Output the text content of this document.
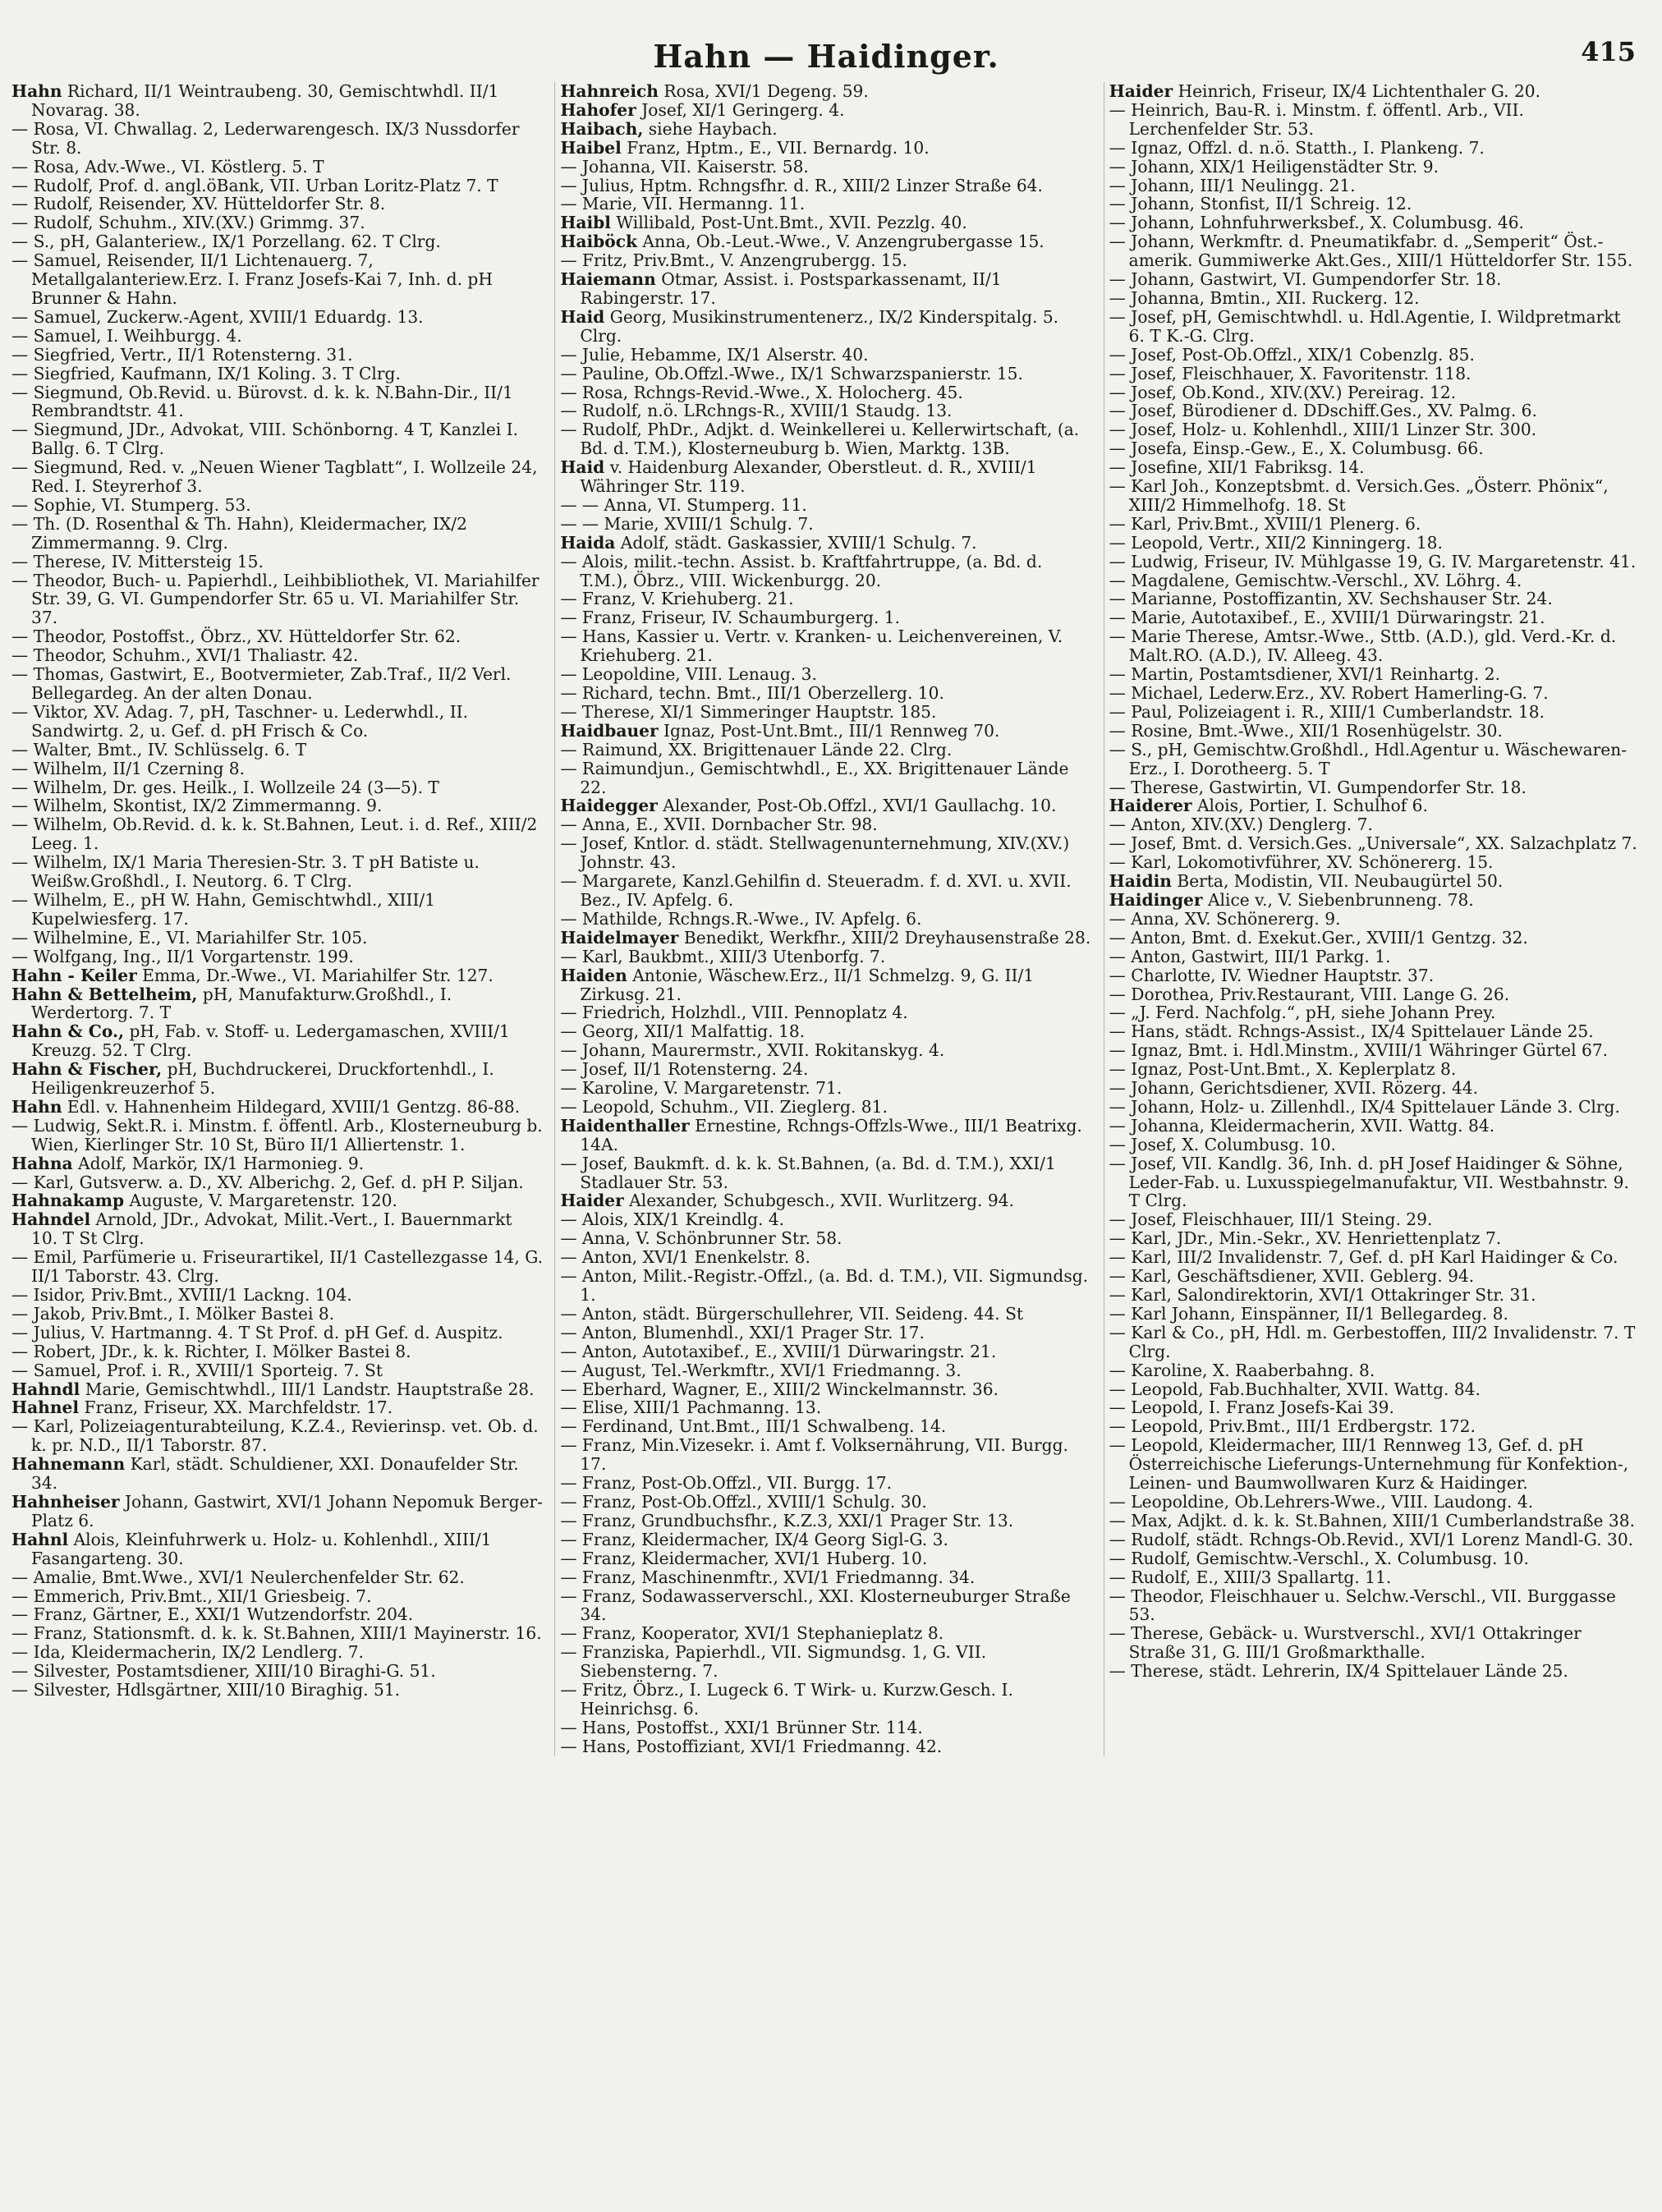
Hahn — Haidinger.	415

Hahn Richard, II/1 Weintraubeng. 30, Gemischtwhdl. II/1 Novarag. 38.

— Rosa, VI. Chwallag. 2, Lederwarengesch. IX/3 Nussdorfer Str. 8.

— Rosa, Adv.-Wwe., VI. Köstlerg. 5. T

— Rudolf, Prof. d. angl.öBank, VII. Urban Loritz-Platz 7. T

— Rudolf, Reisender, XV. Hütteldorfer Str. 8.

— Rudolf, Schuhm., XIV.(XV.) Grimmg. 37.

— S., pH, Galanteriew., IX/1 Porzellang. 62. T Clrg.

— Samuel, Reisender, II/1 Lichtenauerg. 7, Metallgalanteriew.Erz. I. Franz Josefs-Kai 7, Inh. d. pH Brunner & Hahn.

— Samuel, Zuckerw.-Agent, XVIII/1 Eduardg. 13.

— Samuel, I. Weihburgg. 4.

— Siegfried, Vertr., II/1 Rotensterng. 31.

— Siegfried, Kaufmann, IX/1 Koling. 3. T Clrg.

— Siegmund, Ob.Revid. u. Bürovst. d. k. k. N.Bahn-Dir., II/1 Rembrandtstr. 41.

— Siegmund, JDr., Advokat, VIII. Schönborng. 4 T, Kanzlei I. Ballg. 6. T Clrg.

— Siegmund, Red. v. „Neuen Wiener Tagblatt“, I. Wollzeile 24, Red. I. Steyrerhof 3.

— Sophie, VI. Stumperg. 53.

— Th. (D. Rosenthal & Th. Hahn), Kleidermacher, IX/2 Zimmermanng. 9. Clrg.

— Therese, IV. Mittersteig 15.

— Theodor, Buch- u. Papierhdl., Leihbibliothek, VI. Mariahilfer Str. 39, G. VI. Gumpendorfer Str. 65 u. VI. Mariahilfer Str. 37.

— Theodor, Postoffst., Öbrz., XV. Hütteldorfer Str. 62.

— Theodor, Schuhm., XVI/1 Thaliastr. 42.

— Thomas, Gastwirt, E., Bootvermieter, Zab.Traf., II/2 Verl. Bellegardeg. An der alten Donau.

— Viktor, XV. Adag. 7, pH, Taschner- u. Lederwhdl., II. Sandwirtg. 2, u. Gef. d. pH Frisch & Co.

— Walter, Bmt., IV. Schlüsselg. 6. T

— Wilhelm, II/1 Czerning 8.

— Wilhelm, Dr. ges. Heilk., I. Wollzeile 24 (3—5). T

— Wilhelm, Skontist, IX/2 Zimmermanng. 9.

— Wilhelm, Ob.Revid. d. k. k. St.Bahnen, Leut. i. d. Ref., XIII/2 Leeg. 1.

— Wilhelm, IX/1 Maria Theresien-Str. 3. T pH Batiste u. Weißw.Großhdl., I. Neutorg. 6. T Clrg.

— Wilhelm, E., pH W. Hahn, Gemischtwhdl., XIII/1 Kupelwiesferg. 17.

— Wilhelmine, E., VI. Mariahilfer Str. 105.

— Wolfgang, Ing., II/1 Vorgartenstr. 199.

Hahn - Keiler Emma, Dr.-Wwe., VI. Mariahilfer Str. 127.

Hahn & Bettelheim, pH, Manufakturw.Großhdl., I. Werdertorg. 7. T

Hahn & Co., pH, Fab. v. Stoff- u. Ledergamaschen, XVIII/1 Kreuzg. 52. T Clrg.

Hahn & Fischer, pH, Buchdruckerei, Druckfortenhdl., I. Heiligenkreuzerhof 5.

Hahn Edl. v. Hahnenheim Hildegard, XVIII/1 Gentzg. 86-88.

— Ludwig, Sekt.R. i. Minstm. f. öffentl. Arb., Klosterneuburg b. Wien, Kierlinger Str. 10 St, Büro II/1 Alliertenstr. 1.

Hahna Adolf, Markör, IX/1 Harmonieg. 9.

— Karl, Gutsverw. a. D., XV. Alberichg. 2, Gef. d. pH P. Siljan.

Hahnakamp Auguste, V. Margaretenstr. 120.

Hahndel Arnold, JDr., Advokat, Milit.-Vert., I. Bauernmarkt 10. T St Clrg.

— Emil, Parfümerie u. Friseurartikel, II/1 Castellezgasse 14, G. II/1 Taborstr. 43. Clrg.

— Isidor, Priv.Bmt., XVIII/1 Lackng. 104.

— Jakob, Priv.Bmt., I. Mölker Bastei 8.

— Julius, V. Hartmanng. 4. T St Prof. d. pH Gef. d. Auspitz.

— Robert, JDr., k. k. Richter, I. Mölker Bastei 8.

— Samuel, Prof. i. R., XVIII/1 Sporteig. 7. St

Hahndl Marie, Gemischtwhdl., III/1 Landstr. Hauptstraße 28.

Hahnel Franz, Friseur, XX. Marchfeldstr. 17.

— Karl, Polizeiagenturabteilung, K.Z.4., Revierinsp. vet. Ob. d. k. pr. N.D., II/1 Taborstr. 87.

Hahnemann Karl, städt. Schuldiener, XXI. Donaufelder Str. 34.

Hahnheiser Johann, Gastwirt, XVI/1 Johann Nepomuk Berger-Platz 6.

Hahnl Alois, Kleinfuhrwerk u. Holz- u. Kohlenhdl., XIII/1 Fasangarteng. 30.

— Amalie, Bmt.Wwe., XVI/1 Neulerchenfelder Str. 62.

— Emmerich, Priv.Bmt., XII/1 Griesbeig. 7.

— Franz, Gärtner, E., XXI/1 Wutzendorfstr. 204.

— Franz, Stationsmft. d. k. k. St.Bahnen, XIII/1 Mayinerstr. 16.

— Ida, Kleidermacherin, IX/2 Lendlerg. 7.

— Silvester, Postamtsdiener, XIII/10 Biraghi-G. 51.

— Silvester, Hdlsgärtner, XIII/10 Biraghig. 51.

Hahnreich Rosa, XVI/1 Degeng. 59.

Hahofer Josef, XI/1 Geringerg. 4.

Haibach, siehe Haybach.

Haibel Franz, Hptm., E., VII. Bernardg. 10.

— Johanna, VII. Kaiserstr. 58.

— Julius, Hptm. Rchngsfhr. d. R., XIII/2 Linzer Straße 64.

— Marie, VII. Hermanng. 11.

Haibl Willibald, Post-Unt.Bmt., XVII. Pezzlg. 40.

Haiböck Anna, Ob.-Leut.-Wwe., V. Anzengrubergasse 15.

— Fritz, Priv.Bmt., V. Anzengrubergg. 15.

Haiemann Otmar, Assist. i. Postsparkassenamt, II/1 Rabingerstr. 17.

Haid Georg, Musikinstrumentenerz., IX/2 Kinderspitalg. 5. Clrg.

— Julie, Hebamme, IX/1 Alserstr. 40.

— Pauline, Ob.Offzl.-Wwe., IX/1 Schwarzspanierstr. 15.

— Rosa, Rchngs-Revid.-Wwe., X. Holocherg. 45.

— Rudolf, n.ö. LRchngs-R., XVIII/1 Staudg. 13.

— Rudolf, PhDr., Adjkt. d. Weinkellerei u. Kellerwirtschaft, (a. Bd. d. T.M.), Klosterneuburg b. Wien, Marktg. 13B.

Haid v. Haidenburg Alexander, Oberstleut. d. R., XVIII/1 Währinger Str. 119.

— — Anna, VI. Stumperg. 11.

— — Marie, XVIII/1 Schulg. 7.

Haida Adolf, städt. Gaskassier, XVIII/1 Schulg. 7.

— Alois, milit.-techn. Assist. b. Kraftfahrtruppe, (a. Bd. d. T.M.), Öbrz., VIII. Wickenburgg. 20.

— Franz, V. Kriehuberg. 21.

— Franz, Friseur, IV. Schaumburgerg. 1.

— Hans, Kassier u. Vertr. v. Kranken- u. Leichenvereinen, V. Kriehuberg. 21.

— Leopoldine, VIII. Lenaug. 3.

— Richard, techn. Bmt., III/1 Oberzellerg. 10.

— Therese, XI/1 Simmeringer Hauptstr. 185.

Haidbauer Ignaz, Post-Unt.Bmt., III/1 Rennweg 70.

— Raimund, XX. Brigittenauer Lände 22. Clrg.

— Raimundjun., Gemischtwhdl., E., XX. Brigittenauer Lände 22.

Haidegger Alexander, Post-Ob.Offzl., XVI/1 Gaullachg. 10.

— Anna, E., XVII. Dornbacher Str. 98.

— Josef, Kntlor. d. städt. Stellwagenunternehmung, XIV.(XV.) Johnstr. 43.

— Margarete, Kanzl.Gehilfin d. Steueradm. f. d. XVI. u. XVII. Bez., IV. Apfelg. 6.

— Mathilde, Rchngs.R.-Wwe., IV. Apfelg. 6.

Haidelmayer Benedikt, Werkfhr., XIII/2 Dreyhausenstraße 28.

— Karl, Baukbmt., XIII/3 Utenborfg. 7.

Haiden Antonie, Wäschew.Erz., II/1 Schmelzg. 9, G. II/1 Zirkusg. 21.

— Friedrich, Holzhdl., VIII. Pennoplatz 4.

— Georg, XII/1 Malfattig. 18.

— Johann, Maurermstr., XVII. Rokitanskyg. 4.

— Josef, II/1 Rotensterng. 24.

— Karoline, V. Margaretenstr. 71.

— Leopold, Schuhm., VII. Zieglerg. 81.

Haidenthaller Ernestine, Rchngs-Offzls-Wwe., III/1 Beatrixg. 14A.

— Josef, Baukmft. d. k. k. St.Bahnen, (a. Bd. d. T.M.), XXI/1 Stadlauer Str. 53.

Haider Alexander, Schubgesch., XVII. Wurlitzerg. 94.

— Alois, XIX/1 Kreindlg. 4.

— Anna, V. Schönbrunner Str. 58.

— Anton, XVI/1 Enenkelstr. 8.

— Anton, Milit.-Registr.-Offzl., (a. Bd. d. T.M.), VII. Sigmundsg. 1.

— Anton, städt. Bürgerschullehrer, VII. Seideng. 44. St

— Anton, Blumenhdl., XXI/1 Prager Str. 17.

— Anton, Autotaxibef., E., XVIII/1 Dürwaringstr. 21.

— August, Tel.-Werkmftr., XVI/1 Friedmanng. 3.

— Eberhard, Wagner, E., XIII/2 Winckelmannstr. 36.

— Elise, XIII/1 Pachmanng. 13.

— Ferdinand, Unt.Bmt., III/1 Schwalbeng. 14.

— Franz, Min.Vizesekr. i. Amt f. Volksernährung, VII. Burgg. 17.

— Franz, Post-Ob.Offzl., VII. Burgg. 17.

— Franz, Post-Ob.Offzl., XVIII/1 Schulg. 30.

— Franz, Grundbuchsfhr., K.Z.3, XXI/1 Prager Str. 13.

— Franz, Kleidermacher, IX/4 Georg Sigl-G. 3.

— Franz, Kleidermacher, XVI/1 Huberg. 10.

— Franz, Maschinenmftr., XVI/1 Friedmanng. 34.

— Franz, Sodawasserverschl., XXI. Klosterneuburger Straße 34.

— Franz, Kooperator, XVI/1 Stephanieplatz 8.

— Franziska, Papierhdl., VII. Sigmundsg. 1, G. VII. Siebensterng. 7.

— Fritz, Öbrz., I. Lugeck 6. T Wirk- u. Kurzw.Gesch. I. Heinrichsg. 6.

— Hans, Postoffst., XXI/1 Brünner Str. 114.

— Hans, Postoffiziant, XVI/1 Friedmanng. 42.

Haider Heinrich, Friseur, IX/4 Lichtenthaler G. 20.

— Heinrich, Bau-R. i. Minstm. f. öffentl. Arb., VII. Lerchenfelder Str. 53.

— Ignaz, Offzl. d. n.ö. Statth., I. Plankeng. 7.

— Johann, XIX/1 Heiligenstädter Str. 9.

— Johann, III/1 Neulingg. 21.

— Johann, Stonfist, II/1 Schreig. 12.

— Johann, Lohnfuhrwerksbef., X. Columbusg. 46.

— Johann, Werkmftr. d. Pneumatikfabr. d. „Semperit“ Öst.-amerik. Gummiwerke Akt.Ges., XIII/1 Hütteldorfer Str. 155.

— Johann, Gastwirt, VI. Gumpendorfer Str. 18.

— Johanna, Bmtin., XII. Ruckerg. 12.

— Josef, pH, Gemischtwhdl. u. Hdl.Agentie, I. Wildpretmarkt 6. T K.-G. Clrg.

— Josef, Post-Ob.Offzl., XIX/1 Cobenzlg. 85.

— Josef, Fleischhauer, X. Favoritenstr. 118.

— Josef, Ob.Kond., XIV.(XV.) Pereirag. 12.

— Josef, Bürodiener d. DDschiff.Ges., XV. Palmg. 6.

— Josef, Holz- u. Kohlenhdl., XIII/1 Linzer Str. 300.

— Josefa, Einsp.-Gew., E., X. Columbusg. 66.

— Josefine, XII/1 Fabriksg. 14.

— Karl Joh., Konzeptsbmt. d. Versich.Ges. „Österr. Phönix“, XIII/2 Himmelhofg. 18. St

— Karl, Priv.Bmt., XVIII/1 Plenerg. 6.

— Leopold, Vertr., XII/2 Kinningerg. 18.

— Ludwig, Friseur, IV. Mühlgasse 19, G. IV. Margaretenstr. 41.

— Magdalene, Gemischtw.-Verschl., XV. Löhrg. 4.

— Marianne, Postoffizantin, XV. Sechshauser Str. 24.

— Marie, Autotaxibef., E., XVIII/1 Dürwaringstr. 21.

— Marie Therese, Amtsr.-Wwe., Sttb. (A.D.), gld. Verd.-Kr. d. Malt.RO. (A.D.), IV. Alleeg. 43.

— Martin, Postamtsdiener, XVI/1 Reinhartg. 2.

— Michael, Lederw.Erz., XV. Robert Hamerling-G. 7.

— Paul, Polizeiagent i. R., XIII/1 Cumberlandstr. 18.

— Rosine, Bmt.-Wwe., XII/1 Rosenhügelstr. 30.

— S., pH, Gemischtw.Großhdl., Hdl.Agentur u. Wäschewaren-Erz., I. Dorotheerg. 5. T

— Therese, Gastwirtin, VI. Gumpendorfer Str. 18.

Haiderer Alois, Portier, I. Schulhof 6.

— Anton, XIV.(XV.) Denglerg. 7.

— Josef, Bmt. d. Versich.Ges. „Universale“, XX. Salzachplatz 7.

— Karl, Lokomotivführer, XV. Schönererg. 15.

Haidin Berta, Modistin, VII. Neubaugürtel 50.

Haidinger Alice v., V. Siebenbrunneng. 78.

— Anna, XV. Schönererg. 9.

— Anton, Bmt. d. Exekut.Ger., XVIII/1 Gentzg. 32.

— Anton, Gastwirt, III/1 Parkg. 1.

— Charlotte, IV. Wiedner Hauptstr. 37.

— Dorothea, Priv.Restaurant, VIII. Lange G. 26.

— „J. Ferd. Nachfolg.“, pH, siehe Johann Prey.

— Hans, städt. Rchngs-Assist., IX/4 Spittelauer Lände 25.

— Ignaz, Bmt. i. Hdl.Minstm., XVIII/1 Währinger Gürtel 67.

— Ignaz, Post-Unt.Bmt., X. Keplerplatz 8.

— Johann, Gerichtsdiener, XVII. Rözerg. 44.

— Johann, Holz- u. Zillenhdl., IX/4 Spittelauer Lände 3. Clrg.

— Johanna, Kleidermacherin, XVII. Wattg. 84.

— Josef, X. Columbusg. 10.

— Josef, VII. Kandlg. 36, Inh. d. pH Josef Haidinger & Söhne, Leder-Fab. u. Luxusspiegelmanufaktur, VII. Westbahnstr. 9. T Clrg.

— Josef, Fleischhauer, III/1 Steing. 29.

— Karl, JDr., Min.-Sekr., XV. Henriettenplatz 7.

— Karl, III/2 Invalidenstr. 7, Gef. d. pH Karl Haidinger & Co.

— Karl, Geschäftsdiener, XVII. Geblerg. 94.

— Karl, Salondirektorin, XVI/1 Ottakringer Str. 31.

— Karl Johann, Einspänner, II/1 Bellegardeg. 8.

— Karl & Co., pH, Hdl. m. Gerbestoffen, III/2 Invalidenstr. 7. T Clrg.

— Karoline, X. Raaberbahng. 8.

— Leopold, Fab.Buchhalter, XVII. Wattg. 84.

— Leopold, I. Franz Josefs-Kai 39.

— Leopold, Priv.Bmt., III/1 Erdbergstr. 172.

— Leopold, Kleidermacher, III/1 Rennweg 13, Gef. d. pH Österreichische Lieferungs-Unternehmung für Konfektion-, Leinen- und Baumwollwaren Kurz & Haidinger.

— Leopoldine, Ob.Lehrers-Wwe., VIII. Laudong. 4.

— Max, Adjkt. d. k. k. St.Bahnen, XIII/1 Cumberlandstraße 38.

— Rudolf, städt. Rchngs-Ob.Revid., XVI/1 Lorenz Mandl-G. 30.

— Rudolf, Gemischtw.-Verschl., X. Columbusg. 10.

— Rudolf, E., XIII/3 Spallartg. 11.

— Theodor, Fleischhauer u. Selchw.-Verschl., VII. Burggasse 53.

— Therese, Gebäck- u. Wurstverschl., XVI/1 Ottakringer Straße 31, G. III/1 Großmarkthalle.

— Therese, städt. Lehrerin, IX/4 Spittelauer Lände 25.
